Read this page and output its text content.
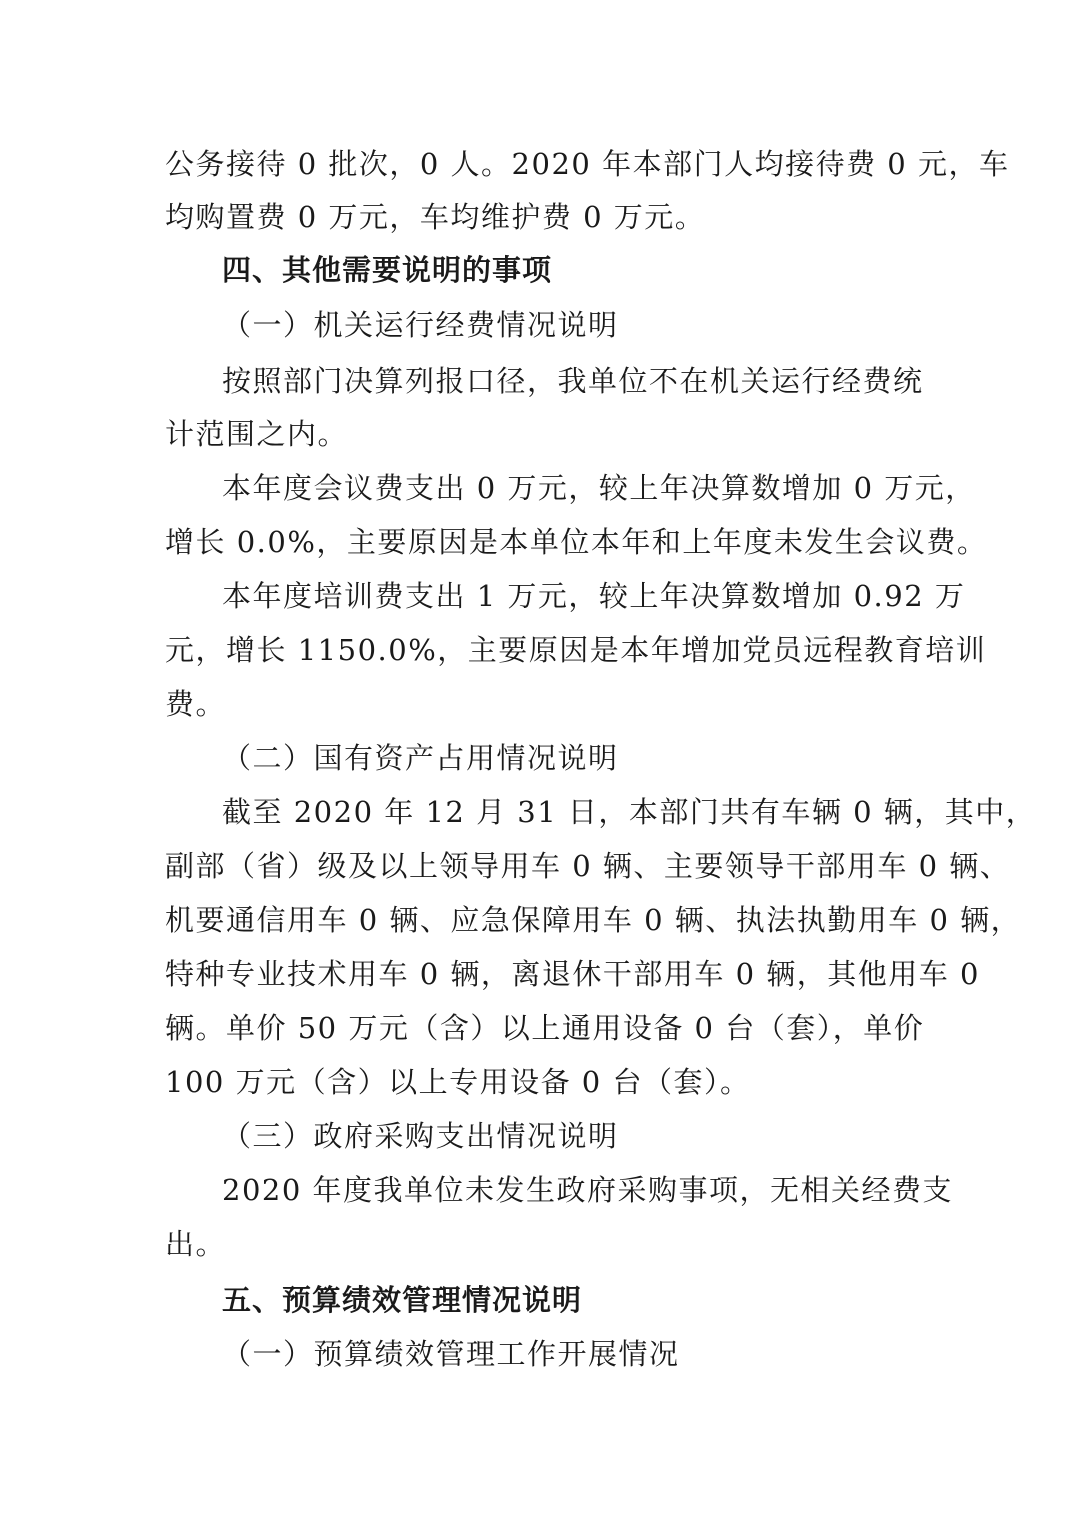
公务接待 0 批次，0 人。2020 年本部门人均接待费 0 元，车
均购置费 0 万元，车均维护费 0 万元。
四、其他需要说明的事项
（一）机关运行经费情况说明
按照部门决算列报口径，我单位不在机关运行经费统
计范围之内。
本年度会议费支出 0 万元，较上年决算数增加 0 万元，
增长 0.0%，主要原因是本单位本年和上年度未发生会议费。
本年度培训费支出 1 万元，较上年决算数增加 0.92 万
元，增长 1150.0%，主要原因是本年增加党员远程教育培训
费。
（二）国有资产占用情况说明
截至 2020 年 12 月 31 日，本部门共有车辆 0 辆，其中，
副部（省）级及以上领导用车 0 辆、主要领导干部用车 0 辆、
机要通信用车 0 辆、应急保障用车 0 辆、执法执勤用车 0 辆，
特种专业技术用车 0 辆，离退休干部用车 0 辆，其他用车 0
辆。单价 50 万元（含）以上通用设备 0 台（套），单价
100 万元（含）以上专用设备 0 台（套）。
（三）政府采购支出情况说明
2020 年度我单位未发生政府采购事项，无相关经费支
出。
五、预算绩效管理情况说明
（一）预算绩效管理工作开展情况
